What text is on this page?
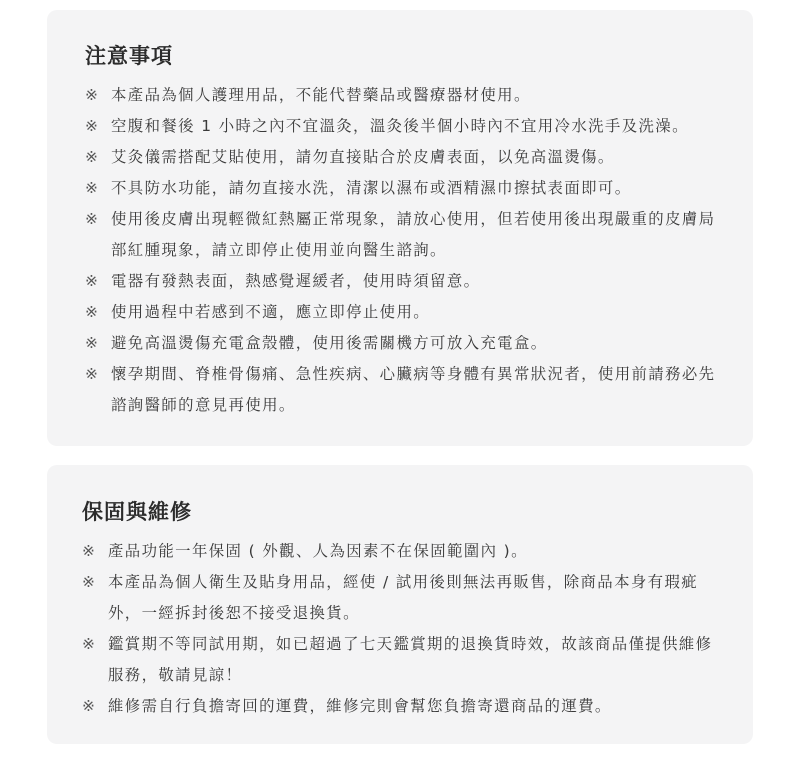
注意事項
※ 本產品為個人護理用品，不能代替藥品或醫療器材使用。
※ 空腹和餐後 1 小時之內不宜溫灸，溫灸後半個小時內不宜用冷水洗手及洗澡。
※ 艾灸儀需搭配艾貼使用，請勿直接貼合於皮膚表面，以免高溫燙傷。
※ 不具防水功能，請勿直接水洗，清潔以濕布或酒精濕巾擦拭表面即可。
※ 使用後皮膚出現輕微紅熱屬正常現象，請放心使用，但若使用後出現嚴重的皮膚局部紅腫現象，請立即停止使用並向醫生諮詢。
※ 電器有發熱表面，熱感覺遲緩者，使用時須留意。
※ 使用過程中若感到不適，應立即停止使用。
※ 避免高溫燙傷充電盒殼體，使用後需關機方可放入充電盒。
※ 懷孕期間、脊椎骨傷痛、急性疾病、心臟病等身體有異常狀況者，使用前請務必先諮詢醫師的意見再使用。
保固與維修
※ 產品功能一年保固 ( 外觀、人為因素不在保固範圍內 )。
※ 本產品為個人衛生及貼身用品，經使 / 試用後則無法再販售，除商品本身有瑕疵外，一經拆封後恕不接受退換貨。
※ 鑑賞期不等同試用期，如已超過了七天鑑賞期的退換貨時效，故該商品僅提供維修服務，敬請見諒！
※ 維修需自行負擔寄回的運費，維修完則會幫您負擔寄還商品的運費。
